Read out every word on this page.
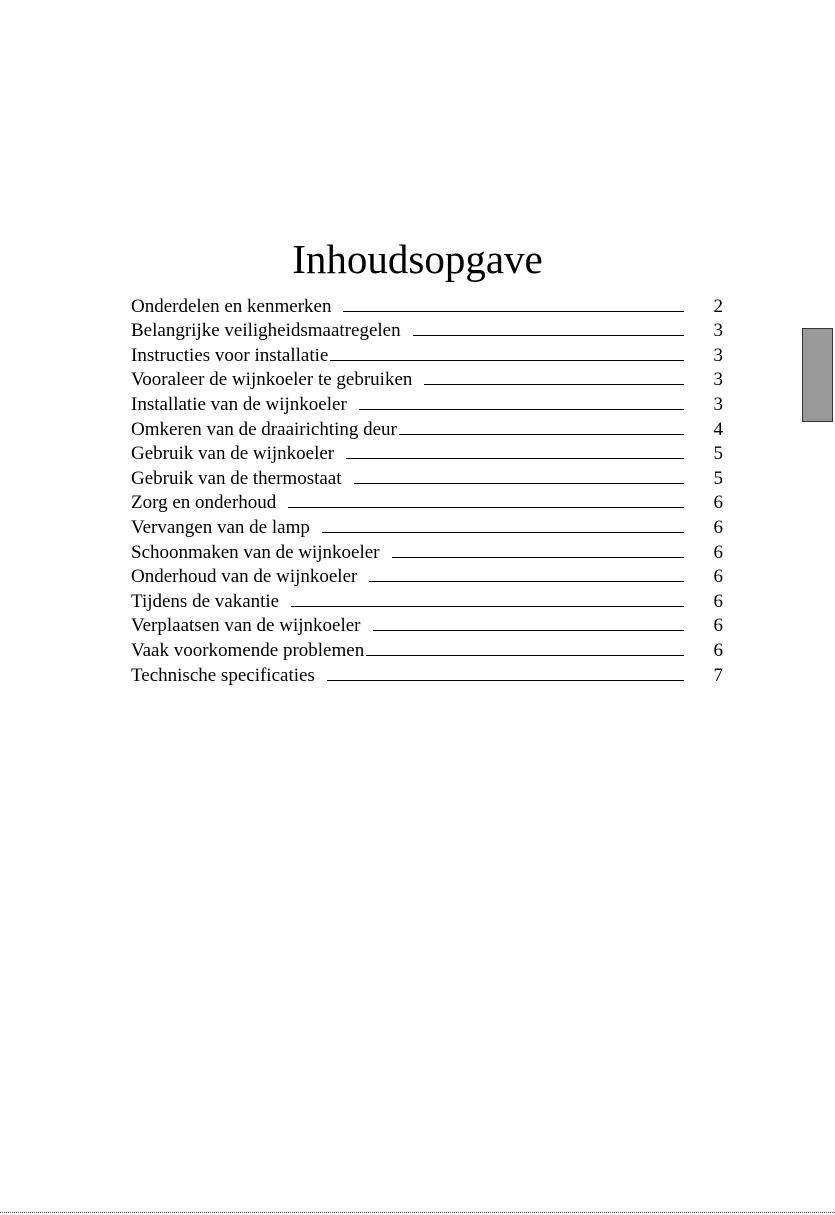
Inhoudsopgave
Onderdelen en kenmerken	2
Belangrijke veiligheidsmaatregelen	3
Instructies voor installatie	3
Vooraleer de wijnkoeler te gebruiken	3
Installatie van de wijnkoeler	3
Omkeren van de draairichting deur	4
Gebruik van de wijnkoeler	5
Gebruik van de thermostaat	5
Zorg en onderhoud	6
Vervangen van de lamp	6
Schoonmaken van de wijnkoeler	6
Onderhoud van de wijnkoeler	6
Tijdens de vakantie	6
Verplaatsen van de wijnkoeler	6
Vaak voorkomende problemen	6
Technische specificaties	7
